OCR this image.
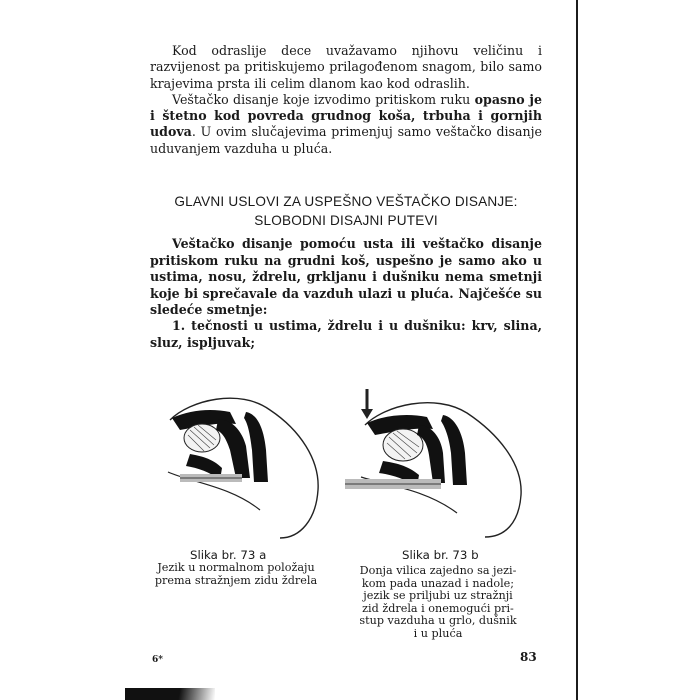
Kod odraslije dece uvažavamo njihovu veličinu i razvijenost pa pritiskujemo prilagođenom snagom, bilo samo krajevima prsta ili celim dlanom kao kod odraslih.

Veštačko disanje koje izvodimo pritiskom ruku opasno je i štetno kod povreda grudnog koša, trbuha i gornjih udova. U ovim slučajevima primenjuj samo veštačko disanje uduvanjem vazduha u pluća.

GLAVNI USLOVI ZA USPEŠNO VEŠTAČKO DISANJE:
SLOBODNI DISAJNI PUTEVI

Veštačko disanje pomoću usta ili veštačko disanje pritiskom ruku na grudni koš, uspešno je samo ako u ustima, nosu, ždrelu, grkljanu i dušniku nema smetnji koje bi sprečavale da vazduh ulazi u pluća. Najčešće su sledeće smetnje:

1. tečnosti u ustima, ždrelu i u dušniku: krv, slina, sluz, ispljuvak;

Slika br. 73 a
Jezik u normalnom položaju
prema stražnjem zidu ždrela
Slika br. 73 b
Donja vilica zajedno sa jezi-
kom pada unazad i nadole;
jezik se priljubi uz stražnji
zid ždrela i onemogući pri-
stup vazduha u grlo, dušnik
i u pluća
6*	83
